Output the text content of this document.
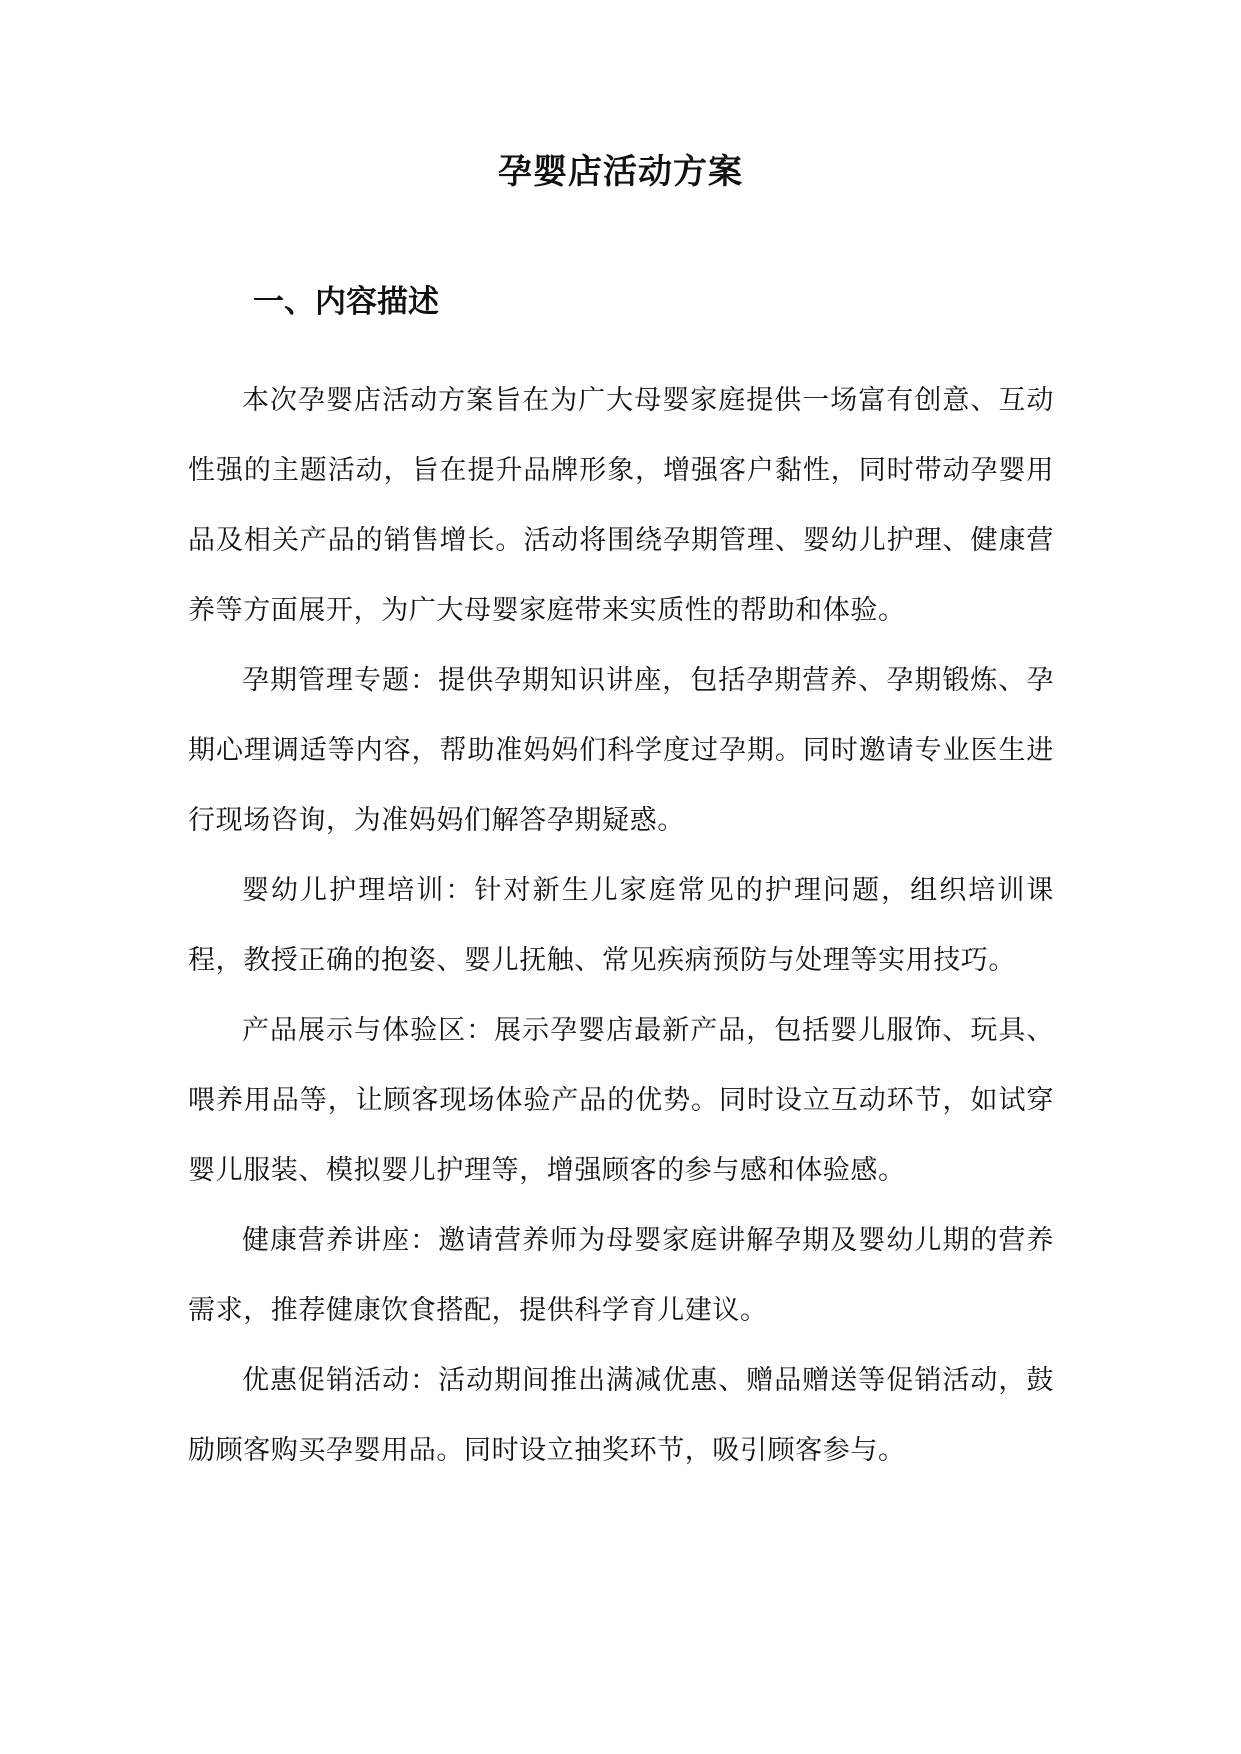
孕婴店活动方案
一、内容描述

本次孕婴店活动方案旨在为广大母婴家庭提供一场富有创意、互动性强的主题活动，旨在提升品牌形象，增强客户黏性，同时带动孕婴用品及相关产品的销售增长。活动将围绕孕期管理、婴幼儿护理、健康营养等方面展开，为广大母婴家庭带来实质性的帮助和体验。

孕期管理专题：提供孕期知识讲座，包括孕期营养、孕期锻炼、孕期心理调适等内容，帮助准妈妈们科学度过孕期。同时邀请专业医生进行现场咨询，为准妈妈们解答孕期疑惑。

婴幼儿护理培训：针对新生儿家庭常见的护理问题，组织培训课程，教授正确的抱姿、婴儿抚触、常见疾病预防与处理等实用技巧。

产品展示与体验区：展示孕婴店最新产品，包括婴儿服饰、玩具、喂养用品等，让顾客现场体验产品的优势。同时设立互动环节，如试穿婴儿服装、模拟婴儿护理等，增强顾客的参与感和体验感。

健康营养讲座：邀请营养师为母婴家庭讲解孕期及婴幼儿期的营养需求，推荐健康饮食搭配，提供科学育儿建议。

优惠促销活动：活动期间推出满减优惠、赠品赠送等促销活动，鼓励顾客购买孕婴用品。同时设立抽奖环节，吸引顾客参与。
